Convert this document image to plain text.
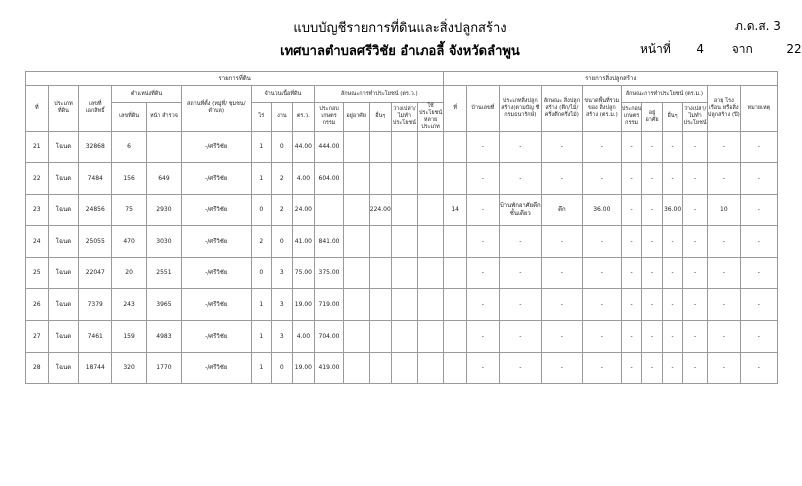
แบบบัญชีรายการที่ดินและสิ่งปลูกสร้าง	ภ.ด.ส. 3
เทศบาลตำบลศรีวิชัย อำเภอลี้ จังหวัดลำพูน	หน้าที่ 4 จาก	22
รายการที่ดิน														รายการสิ่งปลูกสร้าง										
ที่	ประเภท ที่ดิน	เลขที่ เอกสิทธิ์	ตำแหน่งที่ดิน		สถานที่ตั้ง (หมู่ที่/ ชุมชน/ ตำบล)	จำนวนเนื้อที่ดิน			ลักษณะการทำประโยชน์ (ตร.ว.)					ที่	บ้านเลขที่	ประเภทสิ่งปลูก สร้าง(ตามบัญ ชีกรมธนารักษ์)	ลักษณะ สิ่งปลูกสร้าง (ตึก/ไม้/ ครึ่งตึกครึ่งไม้)	ขนาดพื้นที่รวม ของ สิ่งปลูกสร้าง (ตร.ม.)	ลักษณะการทำประโยชน์ (ตร.ม.)				อายุ โรงเรือน หรือสิ่ง ปลูกสร้าง (ปี)	หมายเหตุ
			เลขที่ดิน	หน้า สำรวจ		ไร่	งาน	ตร.ว.	ประกอบ เกษตร กรรม	อยู่อาศัย	อื่นๆ	ว่างเปล่า/ไม่ทำ ประโยชน์	ใช้ประโยชน์ หลาย ประเภท						ประกอบ เกษตร กรรม	อยู่อาศัย	อื่นๆ	ว่างเปล่า/ไม่ทำ ประโยชน์		
21	โฉนด	32868	6		-/ศรีวิชัย	1	0	44.00	444.00						-	-	-	-	-	-	-	-	-	-
22	โฉนด	7484	156	649	-/ศรีวิชัย	1	2	4.00	604.00						-	-	-	-	-	-	-	-	-	-
23	โฉนด	24856	75	2930	-/ศรีวิชัย	0	2	24.00			224.00			14	-	บ้านพักอาศัยตึก ชั้นเดียว	ตึก	36.00	-	-	36.00	-	10	-
24	โฉนด	25055	470	3030	-/ศรีวิชัย	2	0	41.00	841.00						-	-	-	-	-	-	-	-	-	-
25	โฉนด	22047	20	2551	-/ศรีวิชัย	0	3	75.00	375.00						-	-	-	-	-	-	-	-	-	-
26	โฉนด	7379	243	3965	-/ศรีวิชัย	1	3	19.00	719.00						-	-	-	-	-	-	-	-	-	-
27	โฉนด	7461	159	4983	-/ศรีวิชัย	1	3	4.00	704.00						-	-	-	-	-	-	-	-	-	-
28	โฉนด	18744	320	1770	-/ศรีวิชัย	1	0	19.00	419.00						-	-	-	-	-	-	-	-	-	-
